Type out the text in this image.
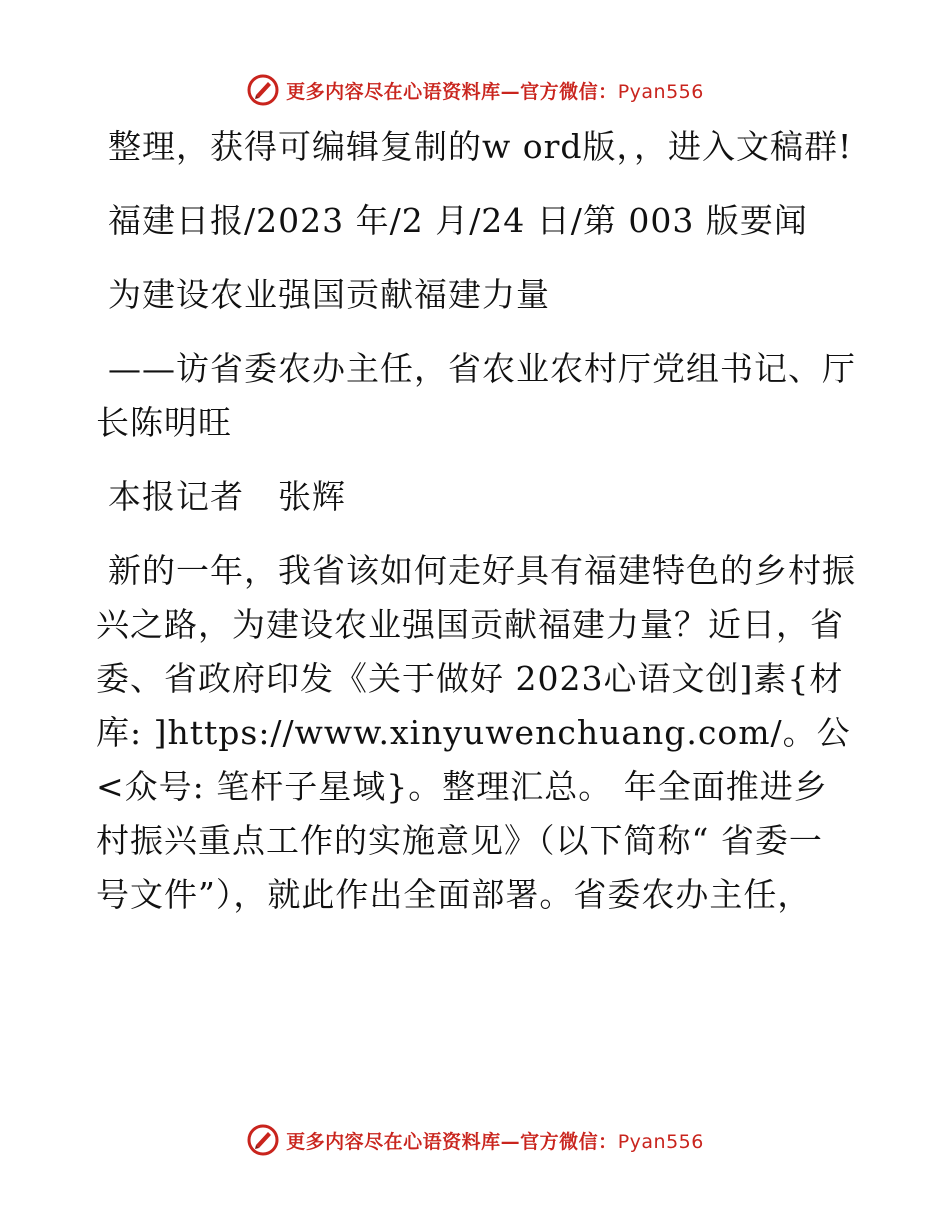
更多内容尽在心语资料库—官方微信：Pyan556

整理，获得可编辑复制的w ord版，，进入文稿群!

福建日报/2023 年/2 月/24 日/第 003 版要闻

为建设农业强国贡献福建力量

——访省委农办主任，省农业农村厅党组书记、厅长陈明旺

本报记者　张辉

新的一年，我省该如何走好具有福建特色的乡村振兴之路，为建设农业强国贡献福建力量？近日，省委、省政府印发《关于做好 2023心语文创]素{材库: ]https://www.xinyuwenchuang.com/。公<众号: 笔杆子星域}。整理汇总。 年全面推进乡村振兴重点工作的实施意见》（以下简称“ 省委一号文件”），就此作出全面部署。省委农办主任，

更多内容尽在心语资料库—官方微信：Pyan556
